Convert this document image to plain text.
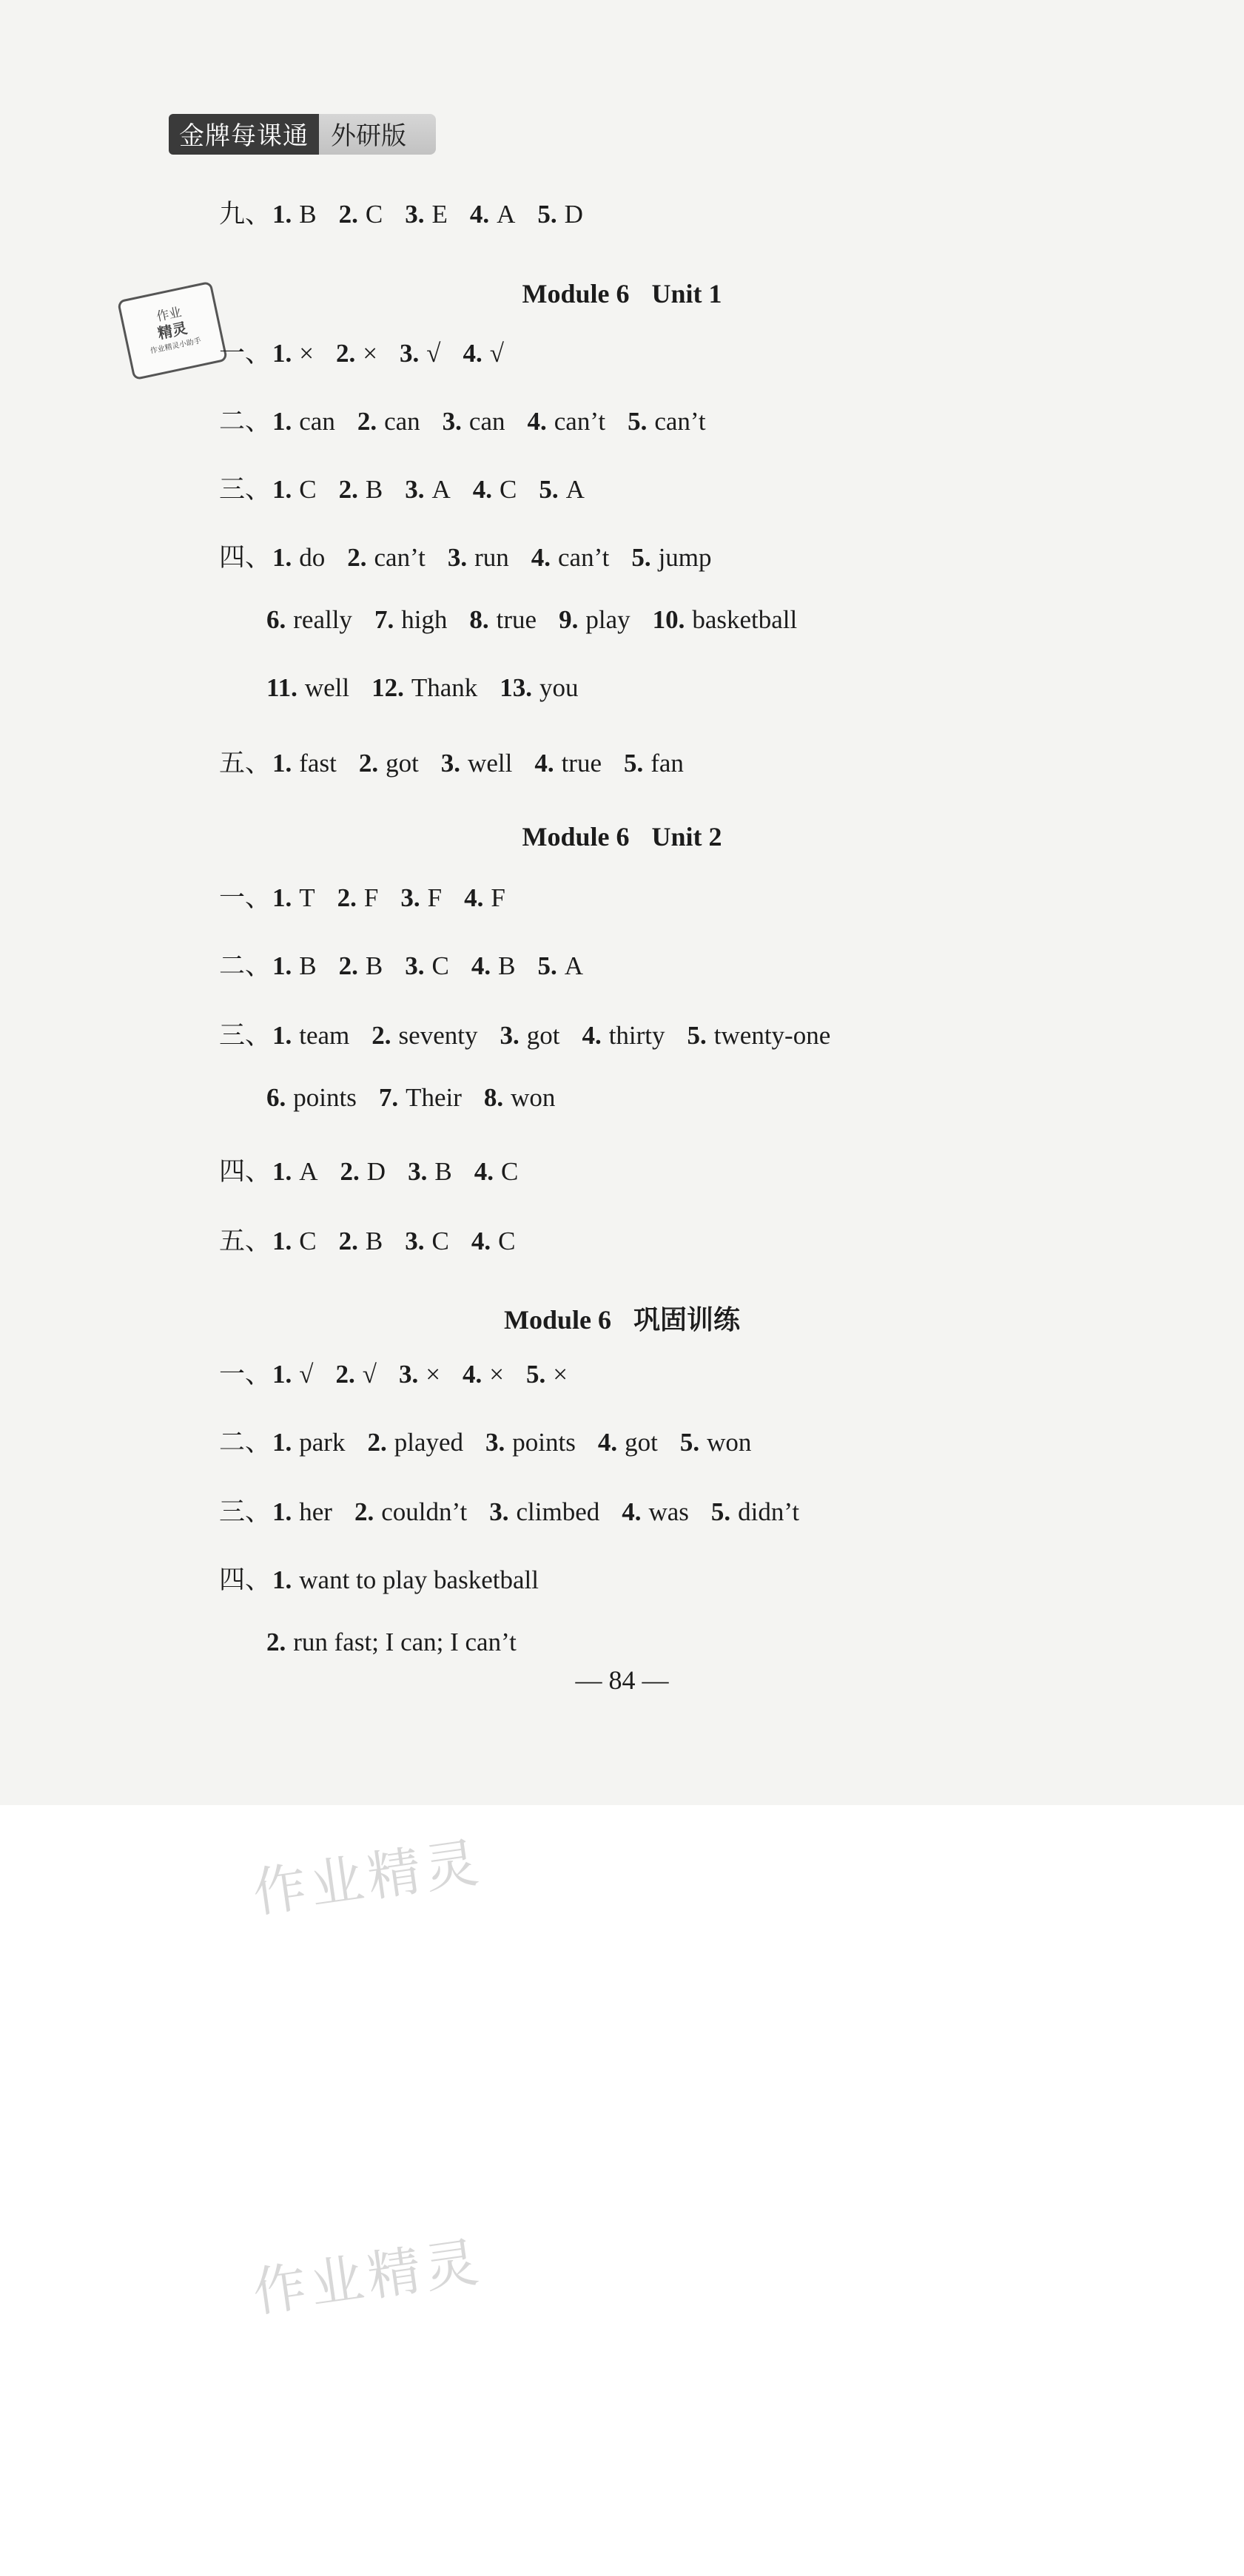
金牌每课通 外研版
作业
精灵
作业精灵小助手
九、 1. B 2. C 3. E 4. A 5. D
Module 6 Unit 1
一、 1. × 2. × 3. √ 4. √
二、 1. can 2. can 3. can 4. can’t 5. can’t
三、 1. C 2. B 3. A 4. C 5. A
四、 1. do 2. can’t 3. run 4. can’t 5. jump
6. really 7. high 8. true 9. play 10. basketball
11. well 12. Thank 13. you
五、 1. fast 2. got 3. well 4. true 5. fan
Module 6 Unit 2
一、 1. T 2. F 3. F 4. F
二、 1. B 2. B 3. C 4. B 5. A
三、 1. team 2. seventy 3. got 4. thirty 5. twenty-one
6. points 7. Their 8. won
四、 1. A 2. D 3. B 4. C
五、 1. C 2. B 3. C 4. C
Module 6 巩固训练
一、 1. √ 2. √ 3. × 4. × 5. ×
二、 1. park 2. played 3. points 4. got 5. won
三、 1. her 2. couldn’t 3. climbed 4. was 5. didn’t
四、 1. want to play basketball
2. run fast; I can; I can’t
— 84 —
作业精灵
作业精灵
